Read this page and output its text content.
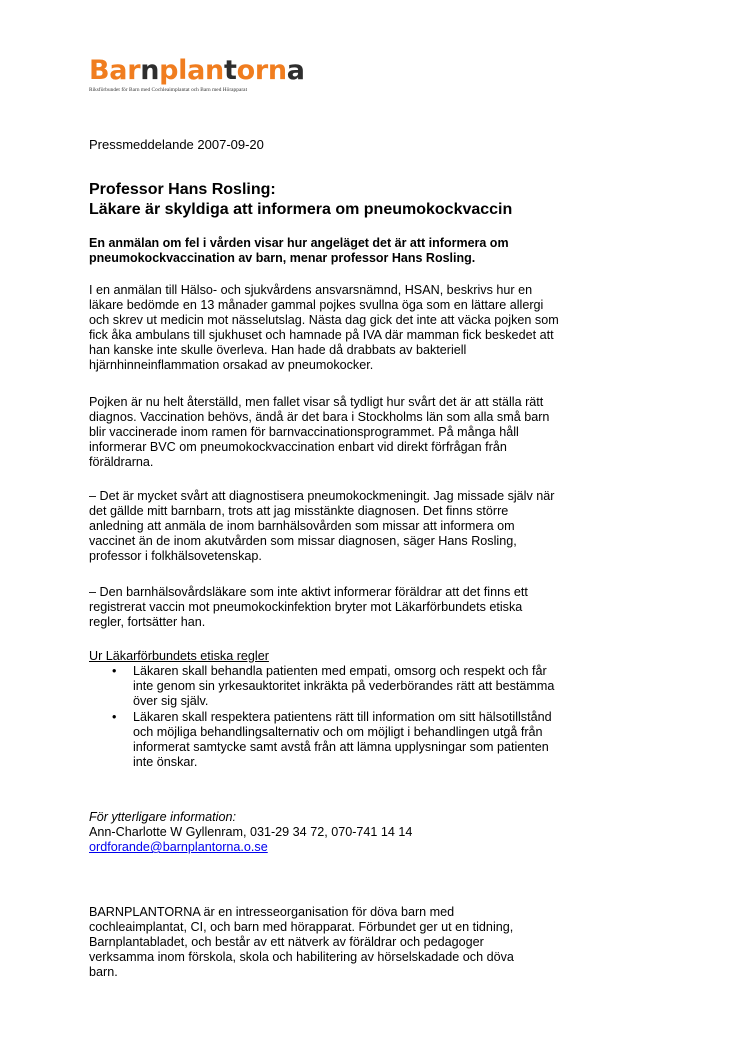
Barnplantorna
Riksförbundet för Barn med Cochleaimplantat och Barn med Hörapparat
Pressmeddelande 2007-09-20
Professor Hans Rosling:
Läkare är skyldiga att informera om pneumokockvaccin
En anmälan om fel i vården visar hur angeläget det är att informera om
pneumokockvaccination av barn, menar professor Hans Rosling.
I en anmälan till Hälso- och sjukvårdens ansvarsnämnd, HSAN, beskrivs hur en
läkare bedömde en 13 månader gammal pojkes svullna öga som en lättare allergi
och skrev ut medicin mot nässelutslag. Nästa dag gick det inte att väcka pojken som
fick åka ambulans till sjukhuset och hamnade på IVA där mamman fick beskedet att
han kanske inte skulle överleva. Han hade då drabbats av bakteriell
hjärnhinneinflammation orsakad av pneumokocker.
Pojken är nu helt återställd, men fallet visar så tydligt hur svårt det är att ställa rätt
diagnos. Vaccination behövs, ändå är det bara i Stockholms län som alla små barn
blir vaccinerade inom ramen för barnvaccinationsprogrammet. På många håll
informerar BVC om pneumokockvaccination enbart vid direkt förfrågan från
föräldrarna.
– Det är mycket svårt att diagnostisera pneumokockmeningit. Jag missade själv när
det gällde mitt barnbarn, trots att jag misstänkte diagnosen. Det finns större
anledning att anmäla de inom barnhälsovården som missar att informera om
vaccinet än de inom akutvården som missar diagnosen, säger Hans Rosling,
professor i folkhälsovetenskap.
– Den barnhälsovårdsläkare som inte aktivt informerar föräldrar att det finns ett
registrerat vaccin mot pneumokockinfektion bryter mot Läkarförbundets etiska
regler, fortsätter han.
Ur Läkarförbundets etiska regler
• Läkaren skall behandla patienten med empati, omsorg och respekt och får
inte genom sin yrkesauktoritet inkräkta på vederbörandes rätt att bestämma
över sig själv.
• Läkaren skall respektera patientens rätt till information om sitt hälsotillstånd
och möjliga behandlingsalternativ och om möjligt i behandlingen utgå från
informerat samtycke samt avstå från att lämna upplysningar som patienten
inte önskar.
För ytterligare information:
Ann-Charlotte W Gyllenram, 031-29 34 72, 070-741 14 14
ordforande@barnplantorna.o.se
BARNPLANTORNA är en intresseorganisation för döva barn med
cochleaimplantat, CI, och barn med hörapparat. Förbundet ger ut en tidning,
Barnplantabladet, och består av ett nätverk av föräldrar och pedagoger
verksamma inom förskola, skola och habilitering av hörselskadade och döva
barn.
